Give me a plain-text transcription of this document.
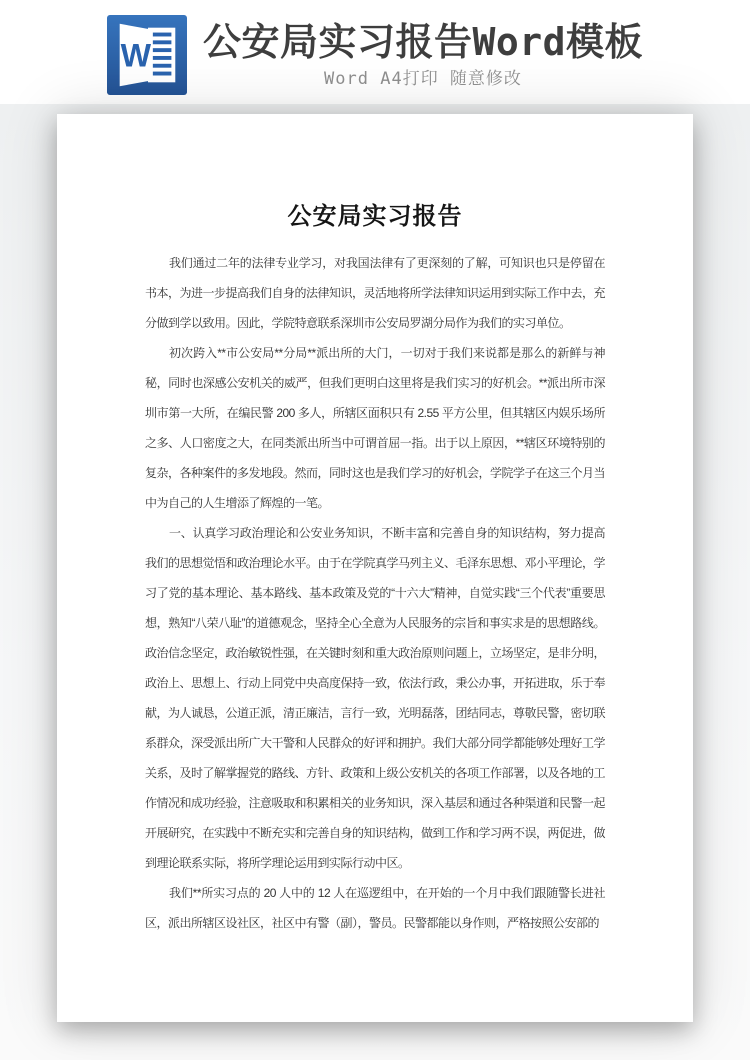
W 公安局实习报告Word模板
Word A4打印 随意修改
公安局实习报告

我们通过二年的法律专业学习，对我国法律有了更深刻的了解，可知识也只是停留在书本，为进一步提高我们自身的法律知识，灵活地将所学法律知识运用到实际工作中去，充分做到学以致用。因此，学院特意联系深圳市公安局罗湖分局作为我们的实习单位。

初次跨入**市公安局**分局**派出所的大门，一切对于我们来说都是那么的新鲜与神秘，同时也深感公安机关的威严，但我们更明白这里将是我们实习的好机会。**派出所市深圳市第一大所，在编民警 200 多人，所辖区面积只有 2.55 平方公里，但其辖区内娱乐场所之多、人口密度之大，在同类派出所当中可谓首屈一指。出于以上原因，**辖区环境特别的复杂，各种案件的多发地段。然而，同时这也是我们学习的好机会，学院学子在这三个月当中为自己的人生增添了辉煌的一笔。

一、认真学习政治理论和公安业务知识，不断丰富和完善自身的知识结构，努力提高我们的思想觉悟和政治理论水平。由于在学院真学马列主义、毛泽东思想、邓小平理论，学习了党的基本理论、基本路线、基本政策及党的“十六大”精神，自觉实践“三个代表”重要思想，熟知“八荣八耻”的道德观念，坚持全心全意为人民服务的宗旨和事实求是的思想路线。政治信念坚定，政治敏锐性强，在关键时刻和重大政治原则问题上，立场坚定，是非分明，政治上、思想上、行动上同党中央高度保持一致，依法行政，秉公办事，开拓进取，乐于奉献，为人诚恳，公道正派，清正廉洁，言行一致，光明磊落，团结同志，尊敬民警，密切联系群众，深受派出所广大干警和人民群众的好评和拥护。我们大部分同学都能够处理好工学关系，及时了解掌握党的路线、方针、政策和上级公安机关的各项工作部署，以及各地的工作情况和成功经验，注意吸取和积累相关的业务知识，深入基层和通过各种渠道和民警一起开展研究，在实践中不断充实和完善自身的知识结构，做到工作和学习两不误，两促进，做到理论联系实际，将所学理论运用到实际行动中区。

我们**所实习点的 20 人中的 12 人在巡逻组中，在开始的一个月中我们跟随警长进社区，派出所辖区设社区，社区中有警（副），警员。民警都能以身作则，严格按照公安部的
